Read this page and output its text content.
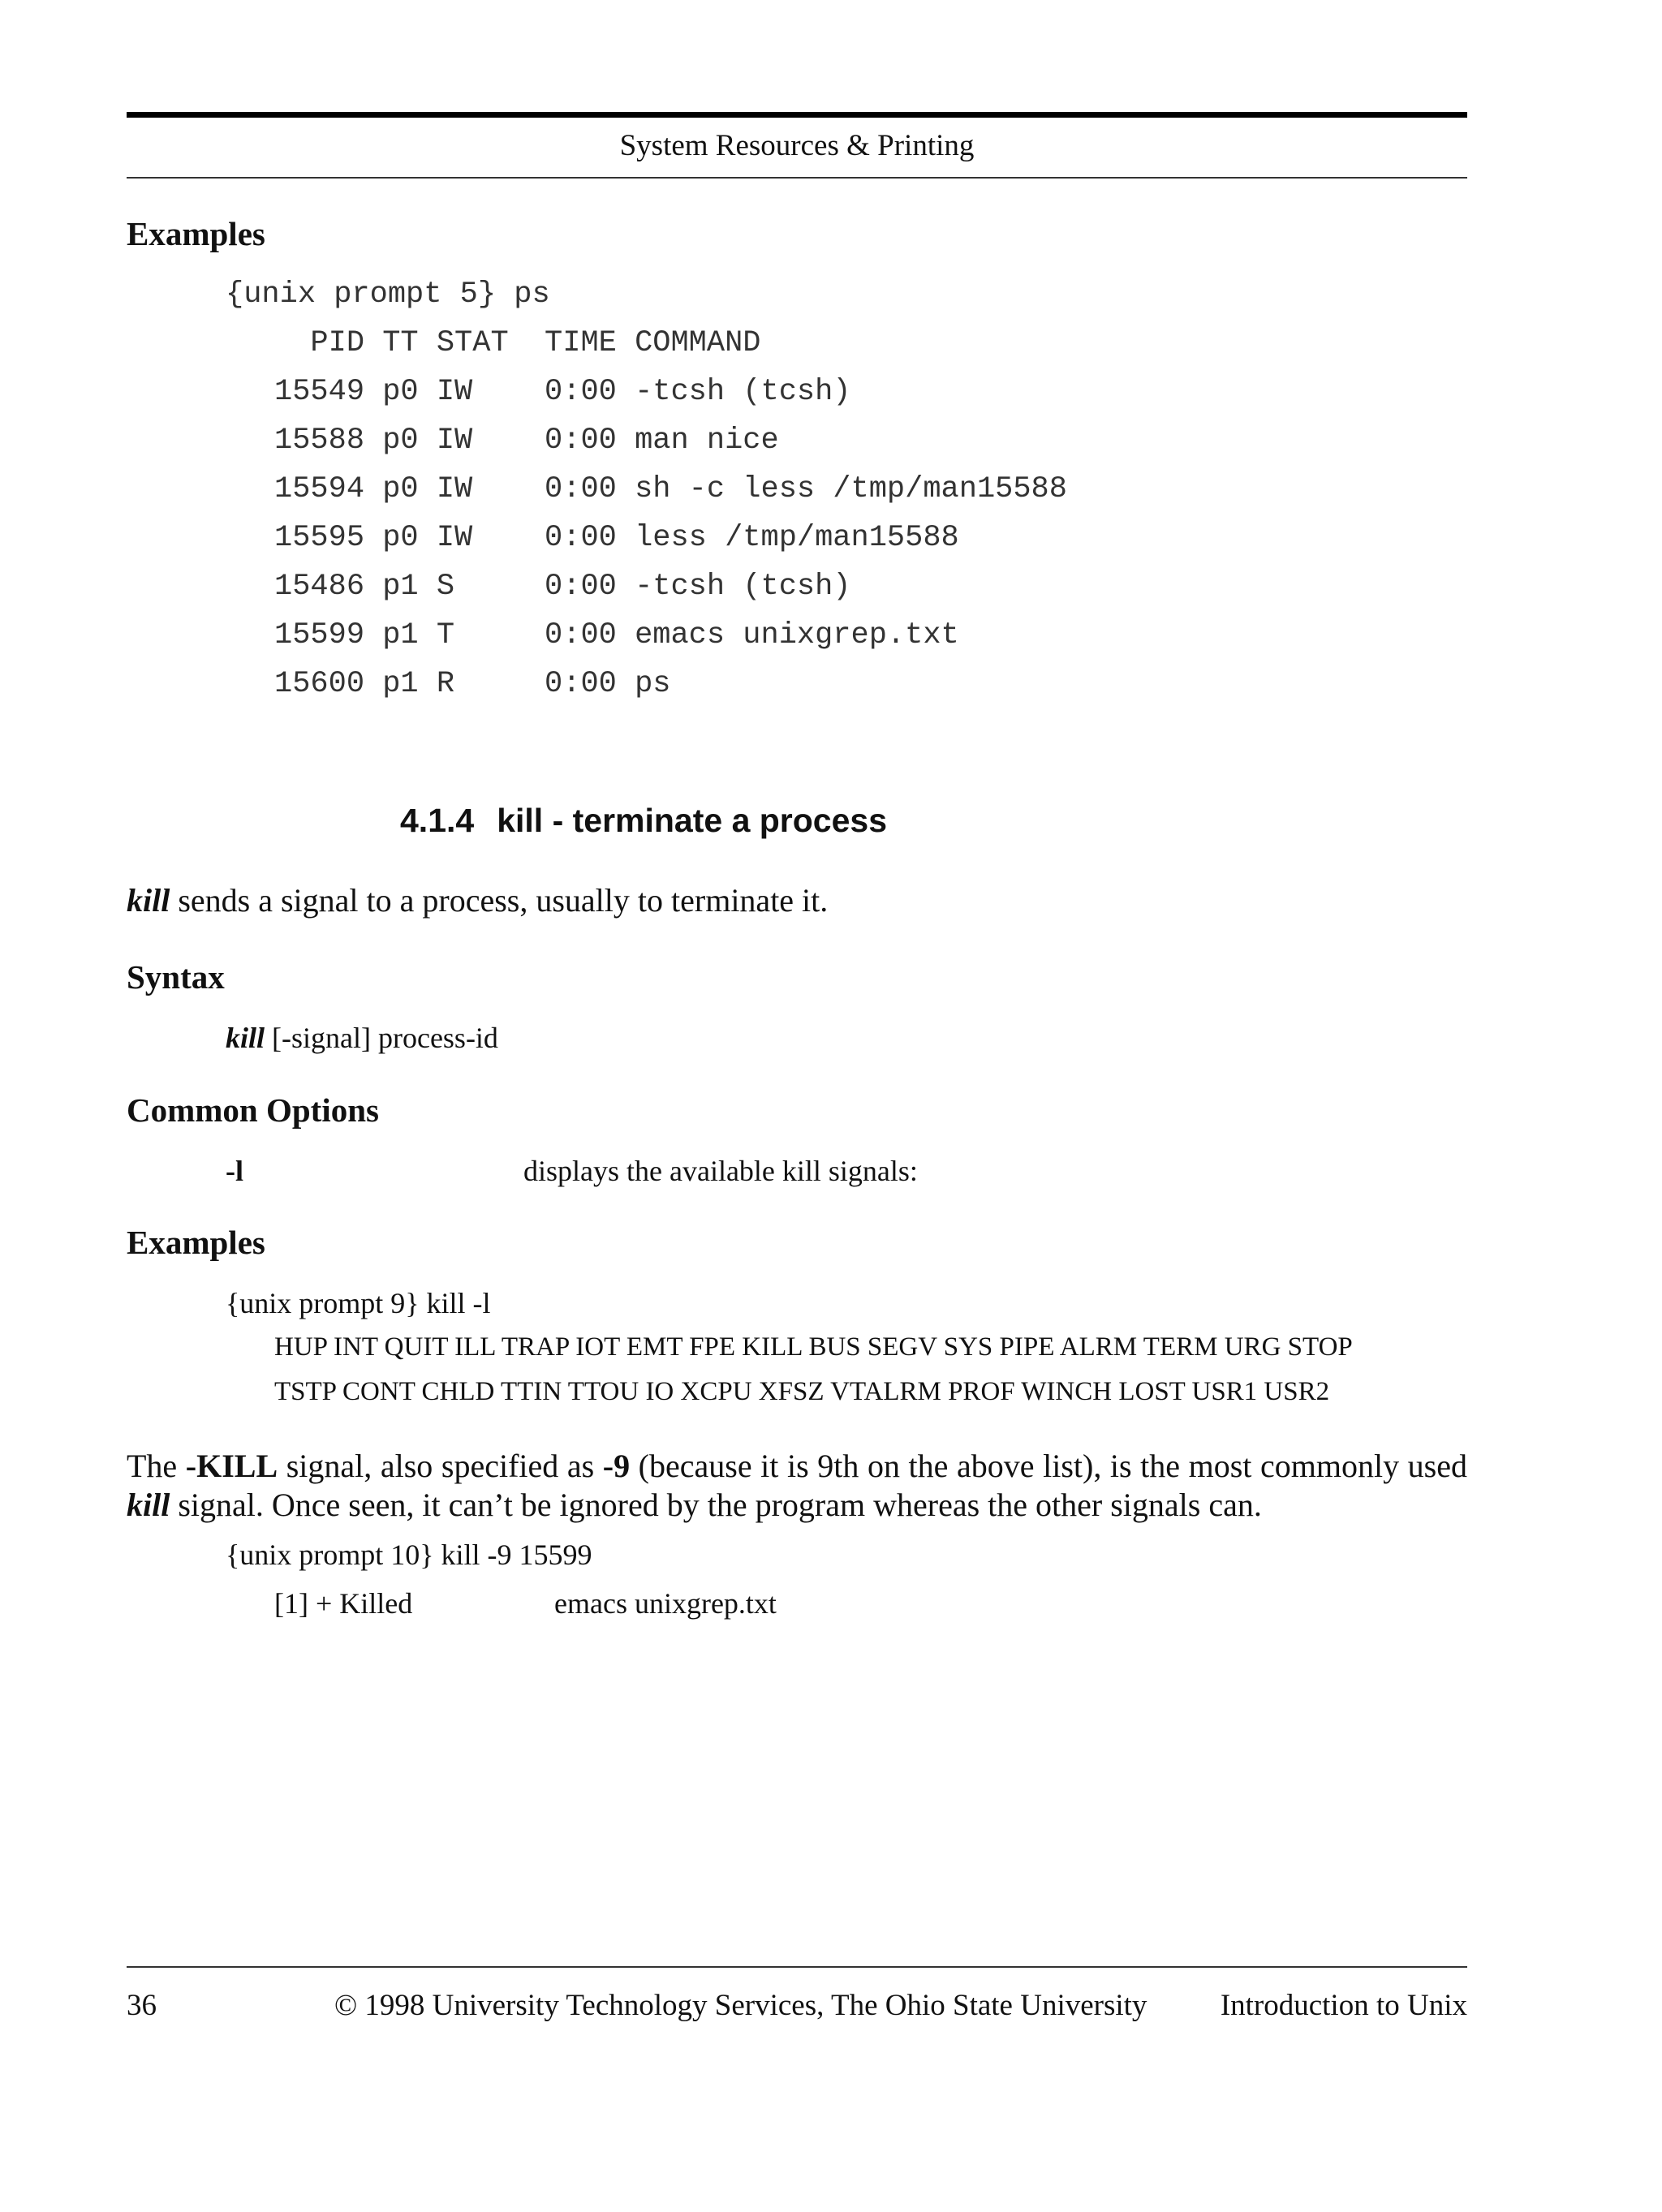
System Resources & Printing
Examples
{unix prompt 5} ps
PID TT STAT  TIME COMMAND
15549 p0 IW    0:00 -tcsh (tcsh)
15588 p0 IW    0:00 man nice
15594 p0 IW    0:00 sh -c less /tmp/man15588
15595 p0 IW    0:00 less /tmp/man15588
15486 p1 S     0:00 -tcsh (tcsh)
15599 p1 T     0:00 emacs unixgrep.txt
15600 p1 R     0:00 ps
4.1.4 kill - terminate a process
kill sends a signal to a process, usually to terminate it.
Syntax
kill [-signal] process-id
Common Options
-l	displays the available kill signals:
Examples
{unix prompt 9} kill -l
HUP INT QUIT ILL TRAP IOT EMT FPE KILL BUS SEGV SYS PIPE ALRM TERM URG STOP
TSTP CONT CHLD TTIN TTOU IO XCPU XFSZ VTALRM PROF WINCH LOST USR1 USR2
The -KILL signal, also specified as -9 (because it is 9th on the above list), is the most commonly used kill signal. Once seen, it can’t be ignored by the program whereas the other signals can.
{unix prompt 10} kill -9 15599
[1] + Killed	emacs unixgrep.txt
36	© 1998 University Technology Services, The Ohio State University Introduction to Unix
